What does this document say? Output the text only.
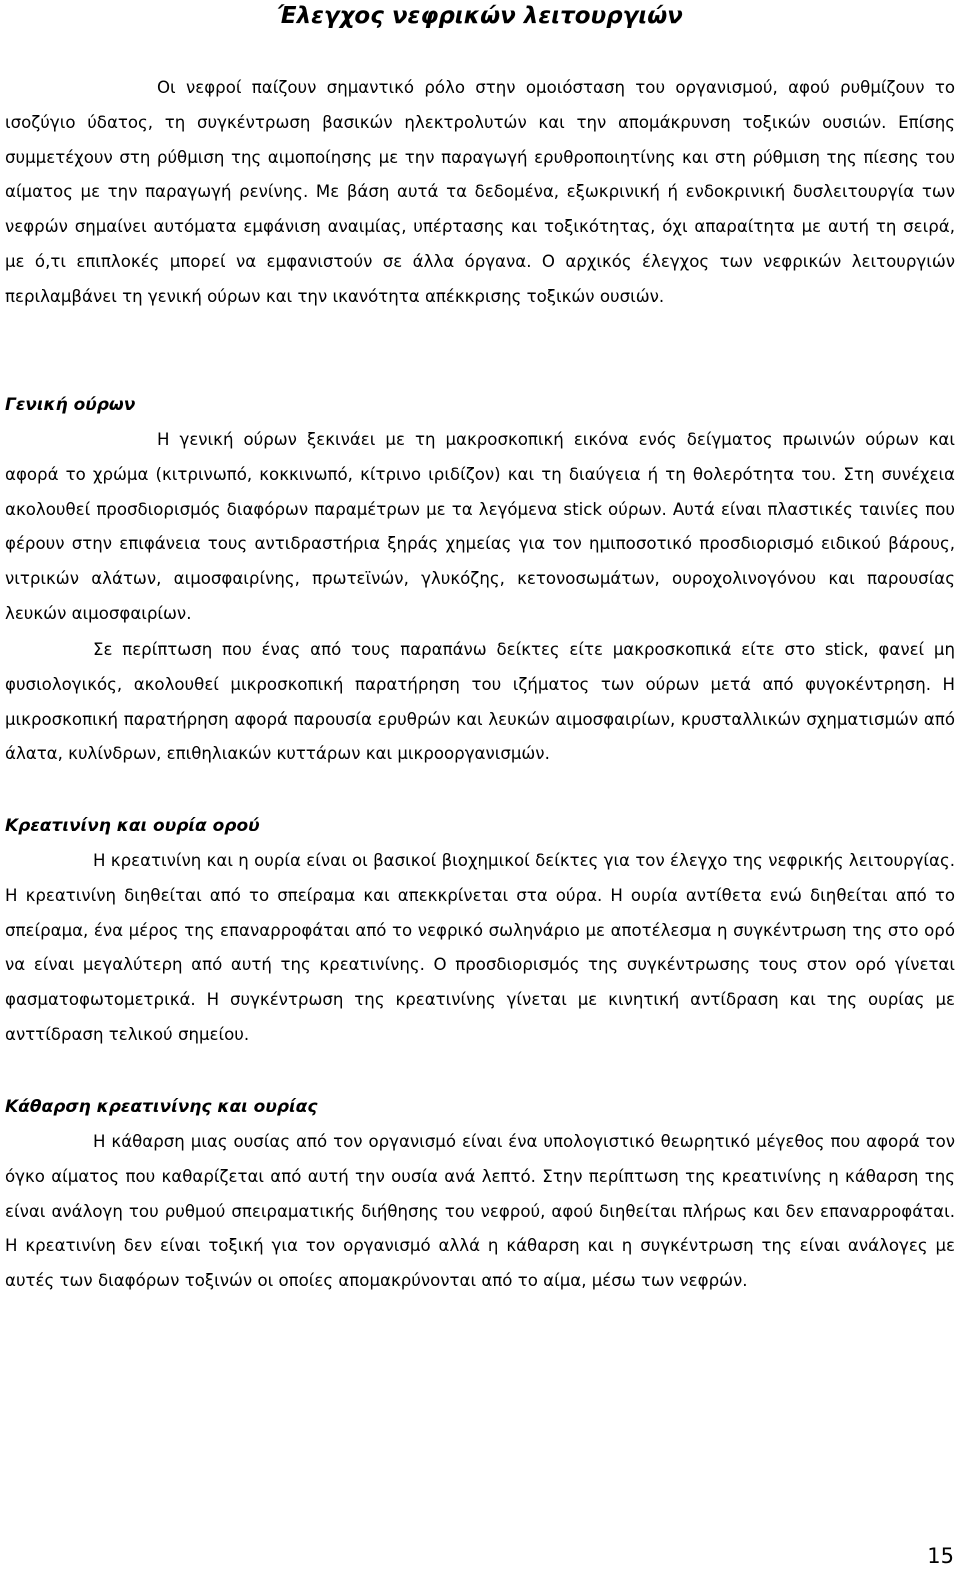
Έλεγχος νεφρικών λειτουργιών

Οι νεφροί παίζουν σημαντικό ρόλο στην ομοιόσταση του οργανισμού, αφού ρυθμίζουν το ισοζύγιο ύδατος, τη συγκέντρωση βασικών ηλεκτρολυτών και την απομάκρυνση τοξικών ουσιών. Επίσης συμμετέχουν στη ρύθμιση της αιμοποίησης με την παραγωγή ερυθροποιητίνης και στη ρύθμιση της πίεσης του αίματος με την παραγωγή ρενίνης. Με βάση αυτά τα δεδομένα, εξωκρινική ή ενδοκρινική δυσλειτουργία των νεφρών σημαίνει αυτόματα εμφάνιση αναιμίας, υπέρτασης και τοξικότητας, όχι απαραίτητα με αυτή τη σειρά, με ό,τι επιπλοκές μπορεί να εμφανιστούν σε άλλα όργανα. Ο αρχικός έλεγχος των νεφρικών λειτουργιών περιλαμβάνει τη γενική ούρων και την ικανότητα απέκκρισης τοξικών ουσιών.

Γενική ούρων

Η γενική ούρων ξεκινάει με τη μακροσκοπική εικόνα ενός δείγματος πρωινών ούρων και αφορά το χρώμα (κιτρινωπό, κοκκινωπό, κίτρινο ιριδίζον) και τη διαύγεια ή τη θολερότητα του. Στη συνέχεια ακολουθεί προσδιορισμός διαφόρων παραμέτρων με τα λεγόμενα stick ούρων. Αυτά είναι πλαστικές ταινίες που φέρουν στην επιφάνεια τους αντιδραστήρια ξηράς χημείας για τον ημιποσοτικό προσδιορισμό ειδικού βάρους, νιτρικών αλάτων, αιμοσφαιρίνης, πρωτεϊνών, γλυκόζης, κετονοσωμάτων, ουροχολινογόνου και παρουσίας λευκών αιμοσφαιρίων.

Σε περίπτωση που ένας από τους παραπάνω δείκτες είτε μακροσκοπικά είτε στο stick, φανεί μη φυσιολογικός, ακολουθεί μικροσκοπική παρατήρηση του ιζήματος των ούρων μετά από φυγοκέντρηση. Η μικροσκοπική παρατήρηση αφορά παρουσία ερυθρών και λευκών αιμοσφαιρίων, κρυσταλλικών σχηματισμών από άλατα, κυλίνδρων, επιθηλιακών κυττάρων και μικροοργανισμών.

Κρεατινίνη και ουρία ορού

Η κρεατινίνη και η ουρία είναι οι βασικοί βιοχημικοί δείκτες για τον έλεγχο της νεφρικής λειτουργίας. Η κρεατινίνη διηθείται από το σπείραμα και απεκκρίνεται στα ούρα. Η ουρία αντίθετα ενώ διηθείται από το σπείραμα, ένα μέρος της επαναρροφάται από το νεφρικό σωληνάριο με αποτέλεσμα η συγκέντρωση της στο ορό να είναι μεγαλύτερη από αυτή της κρεατινίνης. Ο προσδιορισμός της συγκέντρωσης τους στον ορό γίνεται φασματοφωτομετρικά. Η συγκέντρωση της κρεατινίνης γίνεται με κινητική αντίδραση και της ουρίας με ανττίδραση τελικού σημείου.

Κάθαρση κρεατινίνης και ουρίας

Η κάθαρση μιας ουσίας από τον οργανισμό είναι ένα υπολογιστικό θεωρητικό μέγεθος που αφορά τον όγκο αίματος που καθαρίζεται από αυτή την ουσία ανά λεπτό. Στην περίπτωση της κρεατινίνης η κάθαρση της είναι ανάλογη του ρυθμού σπειραματικής διήθησης του νεφρού, αφού διηθείται πλήρως και δεν επαναρροφάται. Η κρεατινίνη δεν είναι τοξική για τον οργανισμό αλλά η κάθαρση και η συγκέντρωση της είναι ανάλογες με αυτές των διαφόρων τοξινών οι οποίες απομακρύνονται από το αίμα, μέσω των νεφρών.

15
